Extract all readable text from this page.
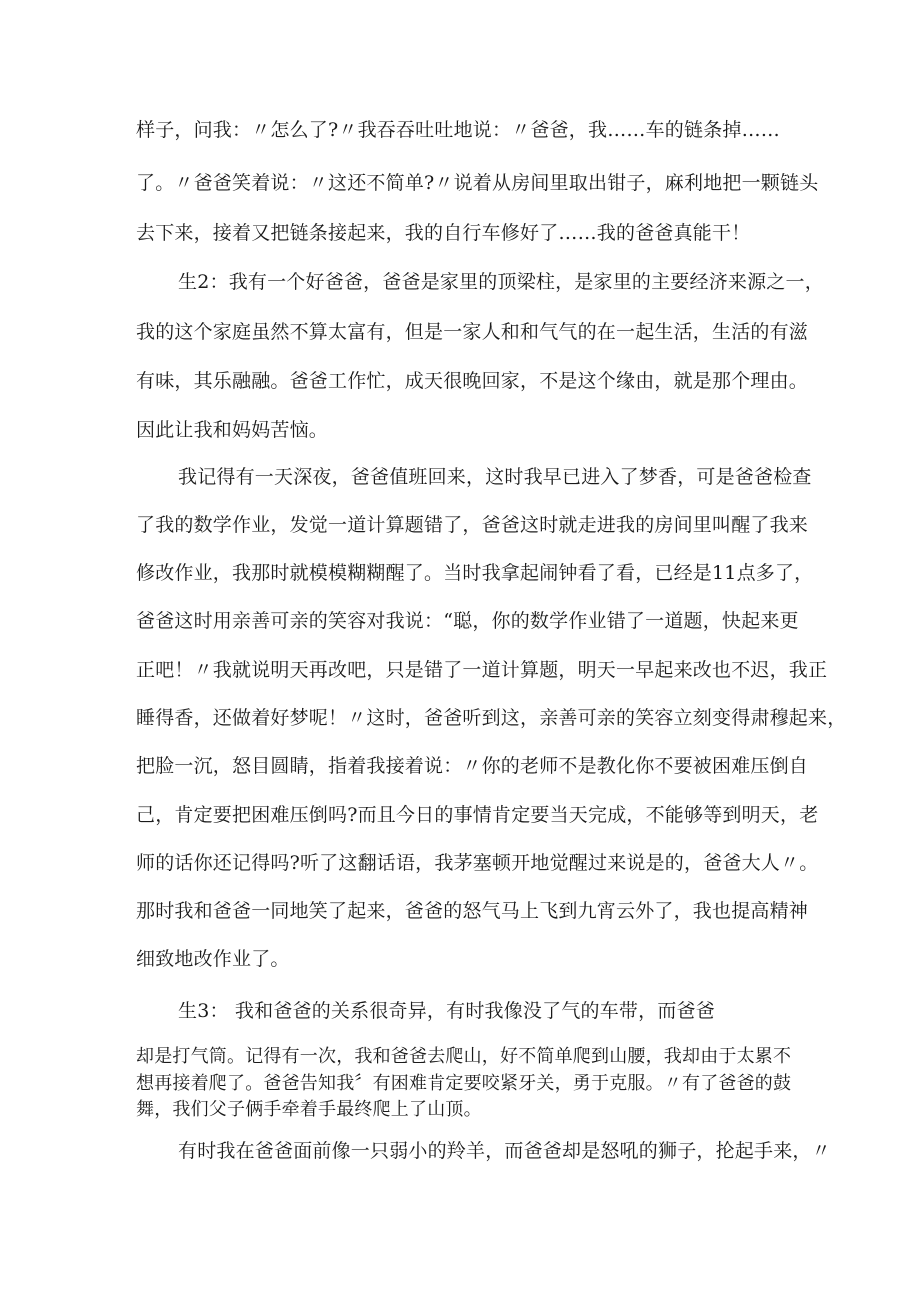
样子，问我：〃怎么了?〃我吞吞吐吐地说：〃爸爸，我……车的链条掉……
了。〃爸爸笑着说：〃这还不简单?〃说着从房间里取出钳子，麻利地把一颗链头
去下来，接着又把链条接起来，我的自行车修好了……我的爸爸真能干！
生2：我有一个好爸爸，爸爸是家里的顶梁柱，是家里的主要经济来源之一，
我的这个家庭虽然不算太富有，但是一家人和和气气的在一起生活，生活的有滋
有味，其乐融融。爸爸工作忙，成天很晚回家，不是这个缘由，就是那个理由。
因此让我和妈妈苦恼。
我记得有一天深夜，爸爸值班回来，这时我早已进入了梦香，可是爸爸检查
了我的数学作业，发觉一道计算题错了，爸爸这时就走进我的房间里叫醒了我来
修改作业，我那时就模模糊糊醒了。当时我拿起闹钟看了看，已经是11点多了，
爸爸这时用亲善可亲的笑容对我说：“聪，你的数学作业错了一道题，快起来更
正吧！〃我就说明天再改吧，只是错了一道计算题，明天一早起来改也不迟，我正
睡得香，还做着好梦呢！〃这时，爸爸听到这，亲善可亲的笑容立刻变得肃穆起来，
把脸一沉，怒目圆睛，指着我接着说：〃你的老师不是教化你不要被困难压倒自
己，肯定要把困难压倒吗?而且今日的事情肯定要当天完成，不能够等到明天，老
师的话你还记得吗?听了这翻话语，我茅塞顿开地觉醒过来说是的，爸爸大人〃。
那时我和爸爸一同地笑了起来，爸爸的怒气马上飞到九宵云外了，我也提高精神
细致地改作业了。
生3： 我和爸爸的关系很奇异，有时我像没了气的车带，而爸爸
却是打气筒。记得有一次，我和爸爸去爬山，好不简单爬到山腰，我却由于太累不
想再接着爬了。爸爸告知我〞有困难肯定要咬紧牙关，勇于克服。〃有了爸爸的鼓
舞，我们父子俩手牵着手最终爬上了山顶。
有时我在爸爸面前像一只弱小的羚羊，而爸爸却是怒吼的狮子，抡起手来，〃
